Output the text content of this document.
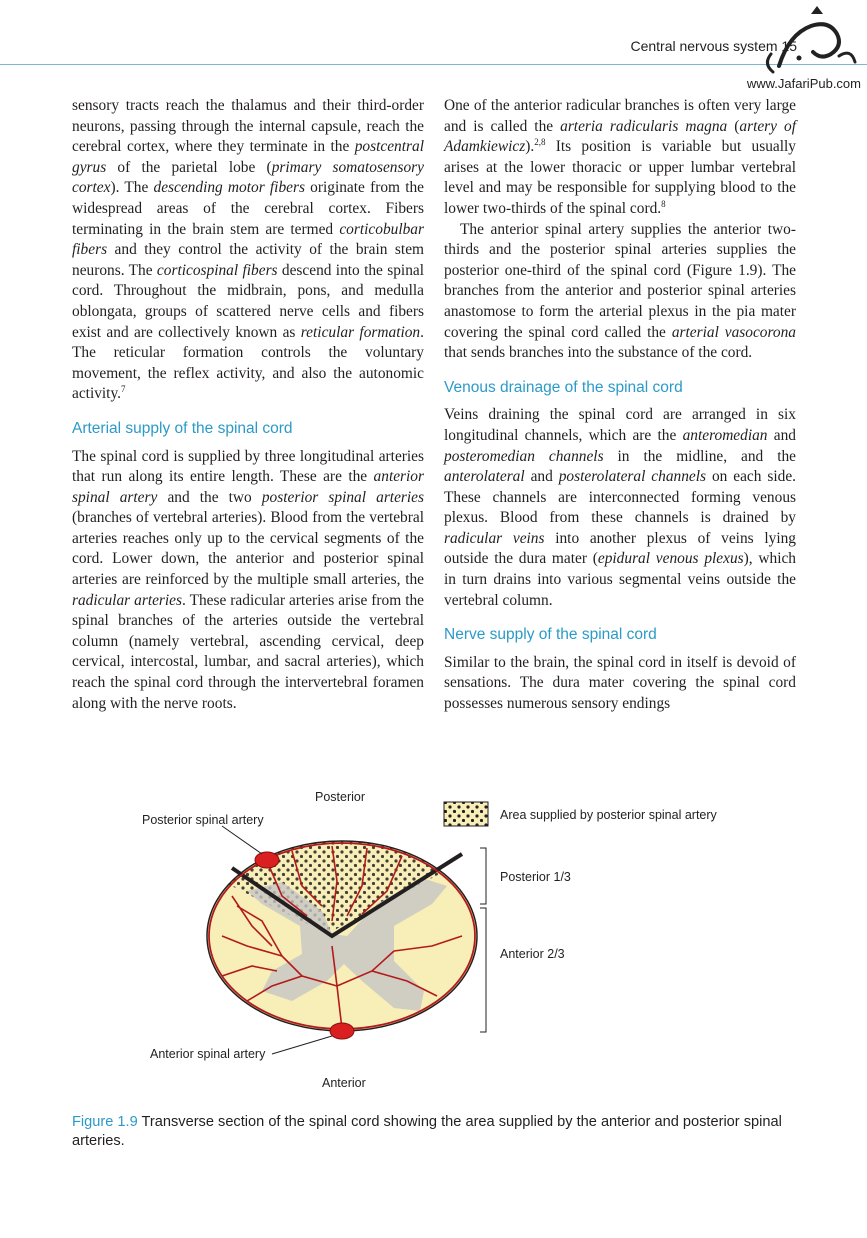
Central nervous system 15
www.JafariPub.com

sensory tracts reach the thalamus and their third-order neurons, passing through the internal capsule, reach the cerebral cortex, where they terminate in the postcentral gyrus of the parietal lobe (primary somatosensory cortex). The descending motor fibers originate from the widespread areas of the cerebral cortex. Fibers terminating in the brain stem are termed corticobulbar fibers and they control the activity of the brain stem neurons. The corticospinal fibers descend into the spinal cord. Throughout the midbrain, pons, and medulla oblongata, groups of scattered nerve cells and fibers exist and are collectively known as reticular formation. The reticular formation controls the voluntary movement, the reflex activity, and also the autonomic activity.$^7$

Arterial supply of the spinal cord

The spinal cord is supplied by three longitudinal arteries that run along its entire length. These are the anterior spinal artery and the two posterior spinal arteries (branches of vertebral arteries). Blood from the vertebral arteries reaches only up to the cervical segments of the cord. Lower down, the anterior and posterior spinal arteries are reinforced by the multiple small arteries, the radicular arteries. These radicular arteries arise from the spinal branches of the arteries outside the vertebral column (namely vertebral, ascending cervical, deep cervical, intercostal, lumbar, and sacral arteries), which reach the spinal cord through the intervertebral foramen along with the nerve roots.

One of the anterior radicular branches is often very large and is called the arteria radicularis magna (artery of Adamkiewicz).$^{2,8}$ Its position is variable but usually arises at the lower thoracic or upper lumbar vertebral level and may be responsible for supplying blood to the lower two-thirds of the spinal cord.$^8$

The anterior spinal artery supplies the anterior two-thirds and the posterior spinal arteries supplies the posterior one-third of the spinal cord (Figure 1.9). The branches from the anterior and posterior spinal arteries anastomose to form the arterial plexus in the pia mater covering the spinal cord called the arterial vasocorona that sends branches into the substance of the cord.

Venous drainage of the spinal cord

Veins draining the spinal cord are arranged in six longitudinal channels, which are the anteromedian and posteromedian channels in the midline, and the anterolateral and posterolateral channels on each side. These channels are interconnected forming venous plexus. Blood from these channels is drained by radicular veins into another plexus of veins lying outside the dura mater (epidural venous plexus), which in turn drains into various segmental veins outside the vertebral column.

Nerve supply of the spinal cord

Similar to the brain, the spinal cord in itself is devoid of sensations. The dura mater covering the spinal cord possesses numerous sensory endings

Posterior
Posterior spinal artery	Area supplied by posterior spinal artery
Posterior 1/3
Anterior 2/3
Anterior spinal artery
Anterior
Figure 1.9 Transverse section of the spinal cord showing the area supplied by the anterior and posterior spinal arteries.
